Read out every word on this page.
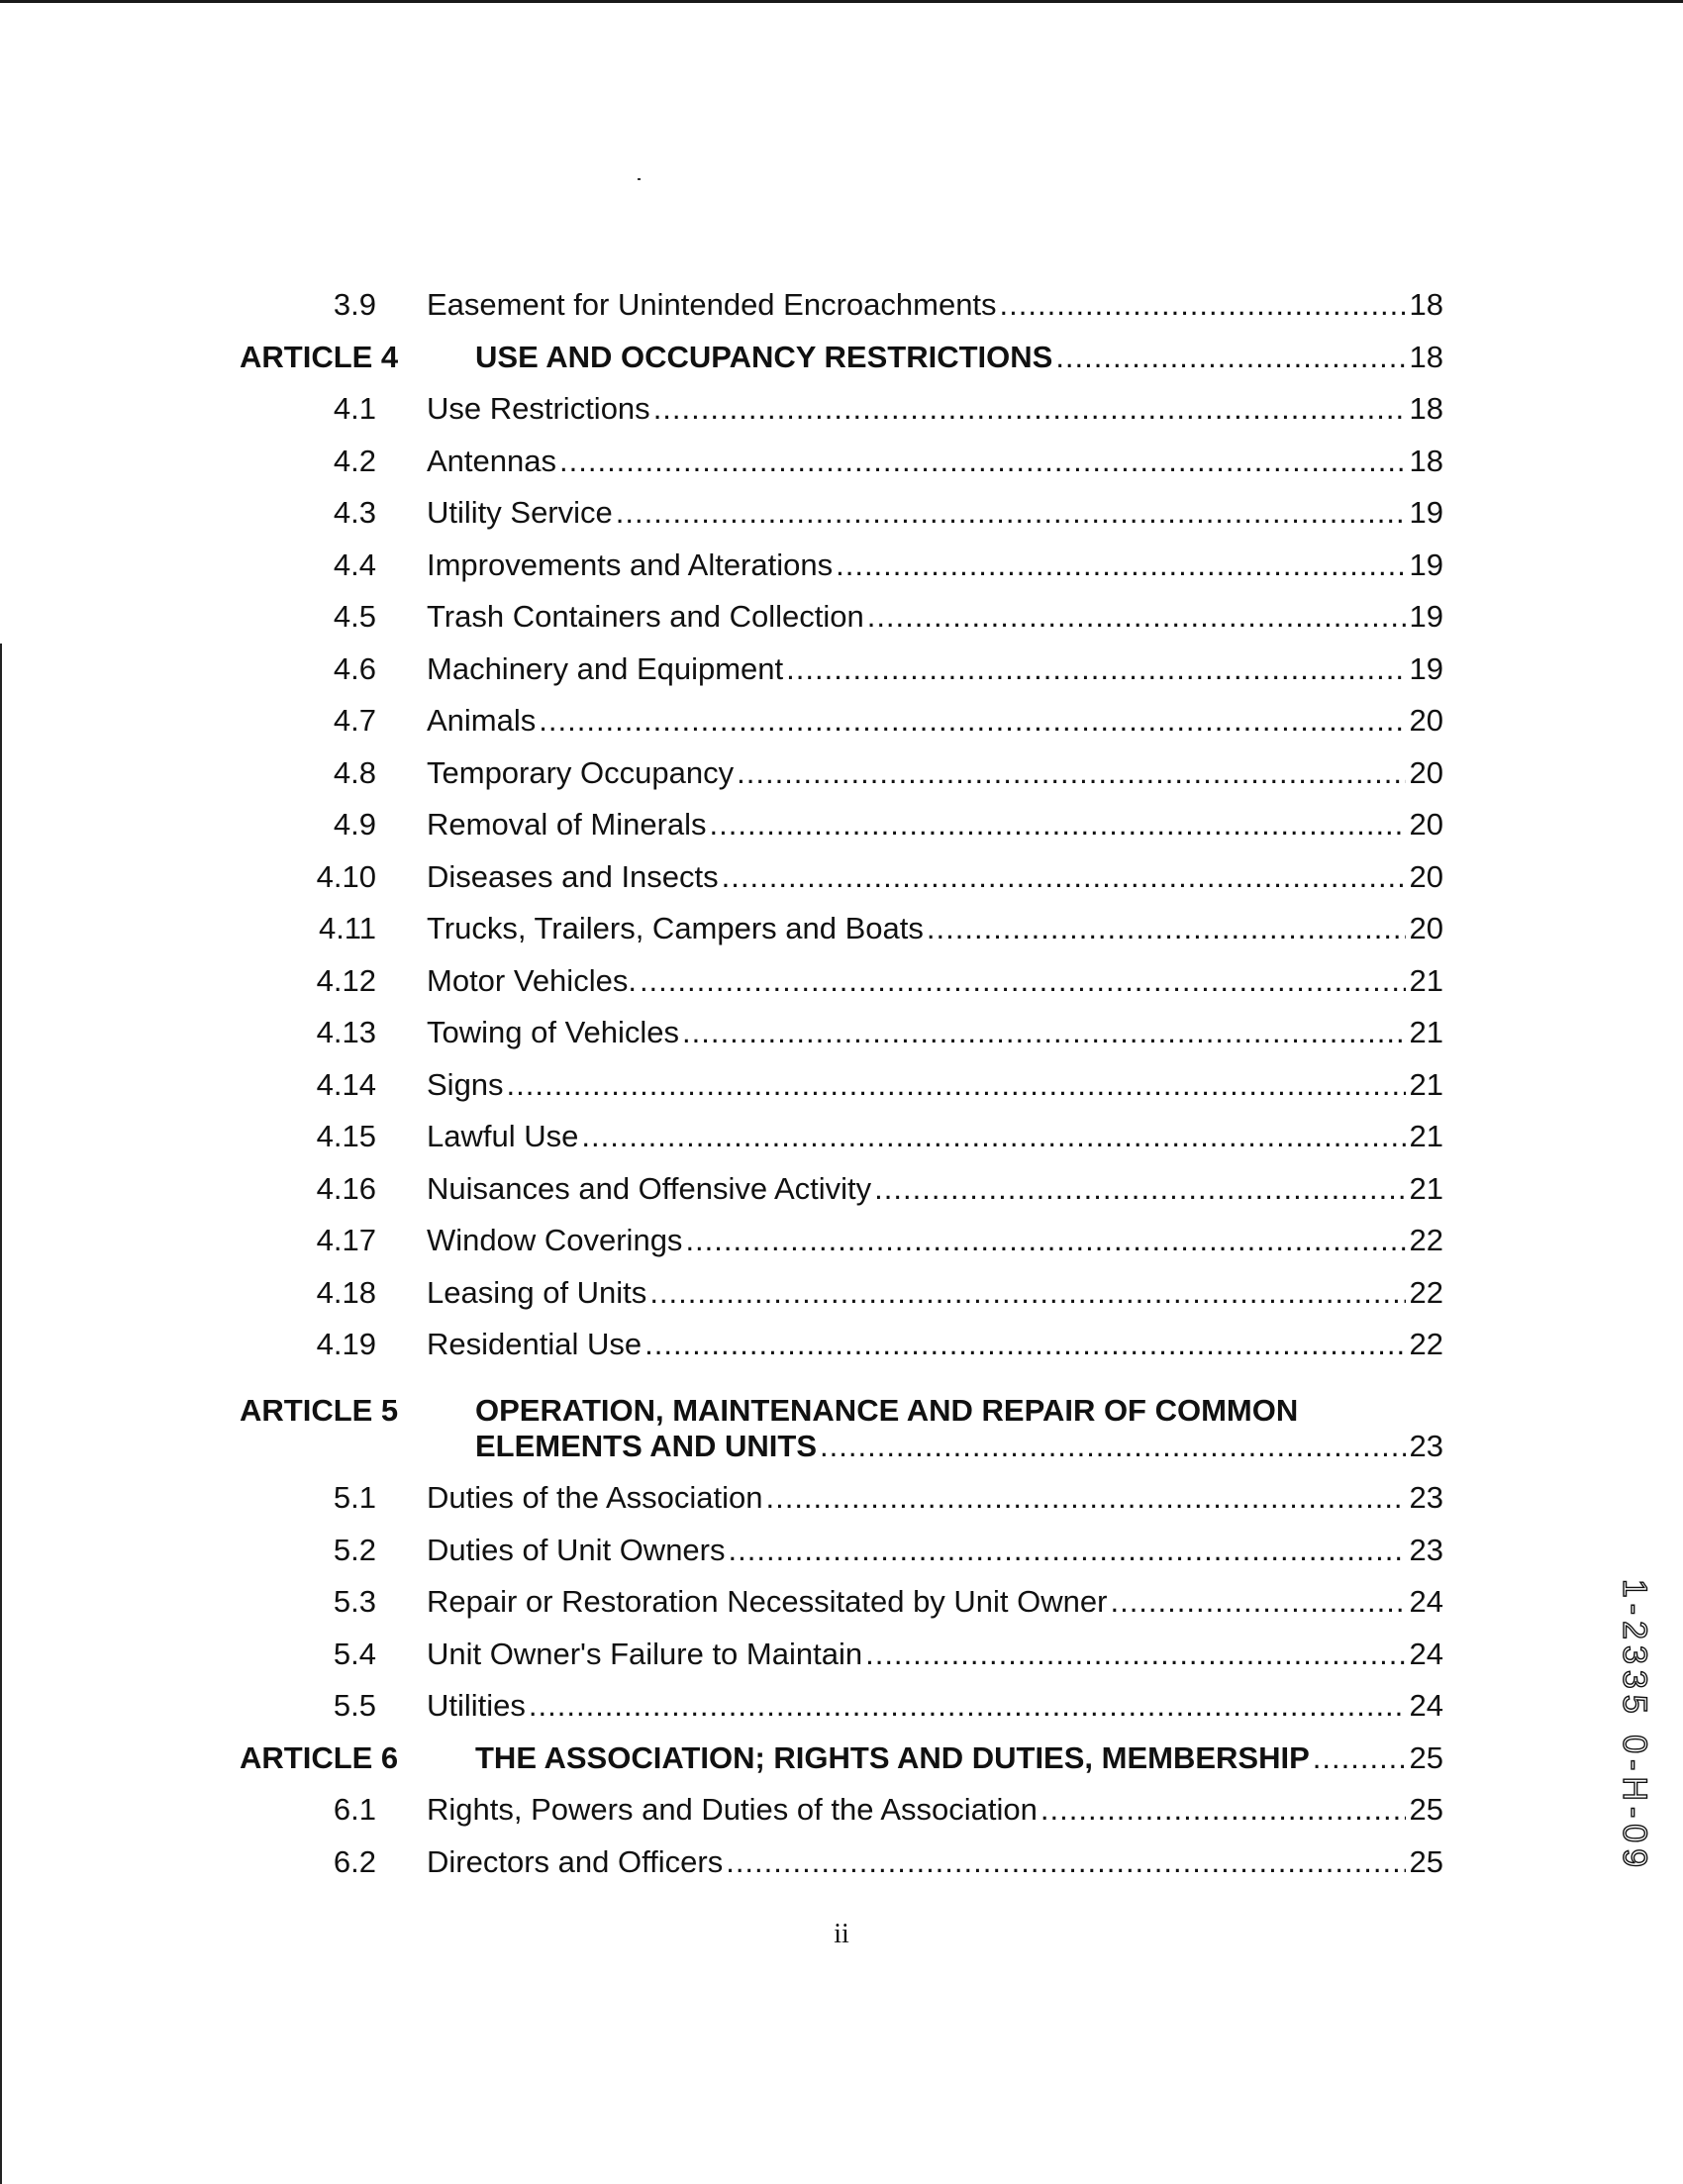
3.9 Easement for Unintended Encroachments .....	18
ARTICLE 4	USE AND OCCUPANCY RESTRICTIONS .....	18
4.1 Use Restrictions .....	18
4.2 Antennas .....	18
4.3 Utility Service .....	19
4.4 Improvements and Alterations .....	19
4.5 Trash Containers and Collection .....	19
4.6 Machinery and Equipment .....	19
4.7 Animals .....	20
4.8 Temporary Occupancy .....	20
4.9 Removal of Minerals .....	20
4.10 Diseases and Insects .....	20
4.11 Trucks, Trailers, Campers and Boats .....	20
4.12 Motor Vehicles. .....	21
4.13 Towing of Vehicles .....	21
4.14 Signs .....	21
4.15 Lawful Use .....	21
4.16 Nuisances and Offensive Activity .....	21
4.17 Window Coverings .....	22
4.18 Leasing of Units .....	22
4.19 Residential Use .....	22
ARTICLE 5	OPERATION, MAINTENANCE AND REPAIR OF COMMON
ELEMENTS AND UNITS .....	23
5.1 Duties of the Association .....	23
5.2 Duties of Unit Owners .....	23
5.3 Repair or Restoration Necessitated by Unit Owner .....	24
5.4 Unit Owner's Failure to Maintain .....	24
5.5 Utilities .....	24
ARTICLE 6	THE ASSOCIATION; RIGHTS AND DUTIES, MEMBERSHIP .....	25
6.1 Rights, Powers and Duties of the Association .....	25
6.2 Directors and Officers .....	25
ii
1-2335 0-H-09
